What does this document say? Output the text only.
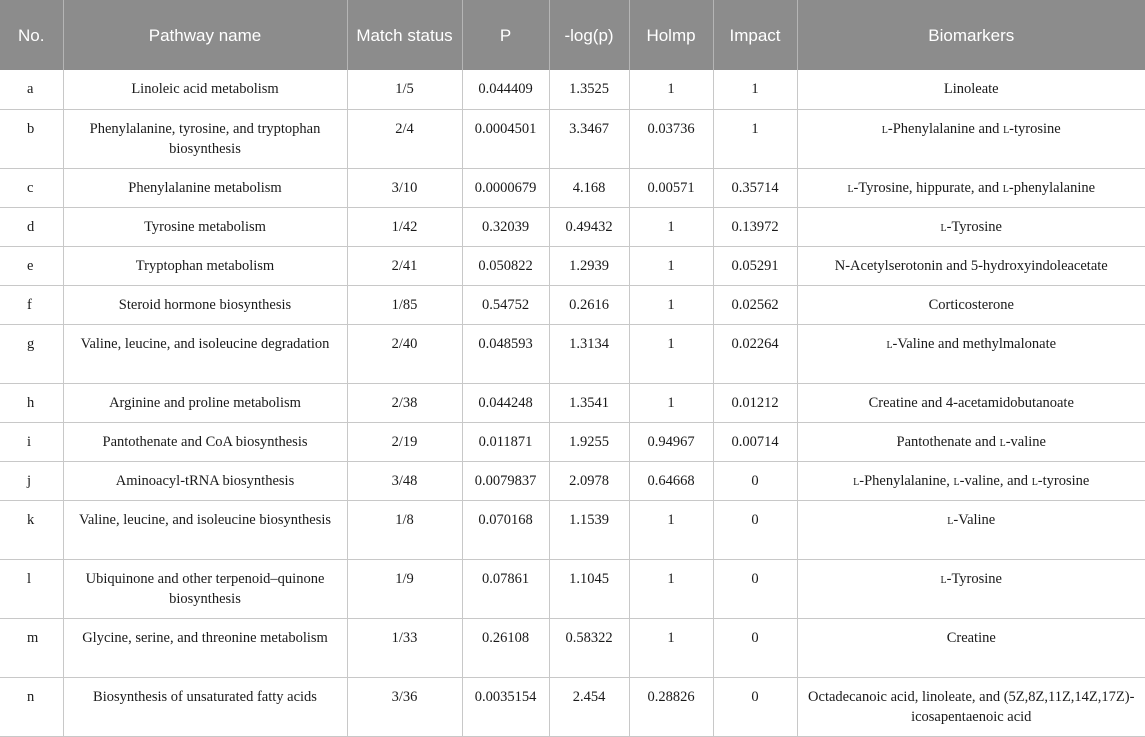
No.	Pathway name	Match status	P	-log(p)	Holmp	Impact	Biomarkers
a	Linoleic acid metabolism	1/5	0.044409	1.3525	1	1	Linoleate
b	Phenylalanine, tyrosine, and tryptophan biosynthesis	2/4	0.0004501	3.3467	0.03736	1	l-Phenylalanine and l-tyrosine
c	Phenylalanine metabolism	3/10	0.0000679	4.168	0.00571	0.35714	l-Tyrosine, hippurate, and l-phenylalanine
d	Tyrosine metabolism	1/42	0.32039	0.49432	1	0.13972	l-Tyrosine
e	Tryptophan metabolism	2/41	0.050822	1.2939	1	0.05291	N-Acetylserotonin and 5-hydroxyindoleacetate
f	Steroid hormone biosynthesis	1/85	0.54752	0.2616	1	0.02562	Corticosterone
g	Valine, leucine, and isoleucine degradation	2/40	0.048593	1.3134	1	0.02264	l-Valine and methylmalonate
h	Arginine and proline metabolism	2/38	0.044248	1.3541	1	0.01212	Creatine and 4-acetamidobutanoate
i	Pantothenate and CoA biosynthesis	2/19	0.011871	1.9255	0.94967	0.00714	Pantothenate and l-valine
j	Aminoacyl-tRNA biosynthesis	3/48	0.0079837	2.0978	0.64668	0	l-Phenylalanine, l-valine, and l-tyrosine
k	Valine, leucine, and isoleucine biosynthesis	1/8	0.070168	1.1539	1	0	l-Valine
l	Ubiquinone and other terpenoid–quinone biosynthesis	1/9	0.07861	1.1045	1	0	l-Tyrosine
m	Glycine, serine, and threonine metabolism	1/33	0.26108	0.58322	1	0	Creatine
n	Biosynthesis of unsaturated fatty acids	3/36	0.0035154	2.454	0.28826	0	Octadecanoic acid, linoleate, and (5Z,8Z,11Z,14Z,17Z)-icosapentaenoic acid
